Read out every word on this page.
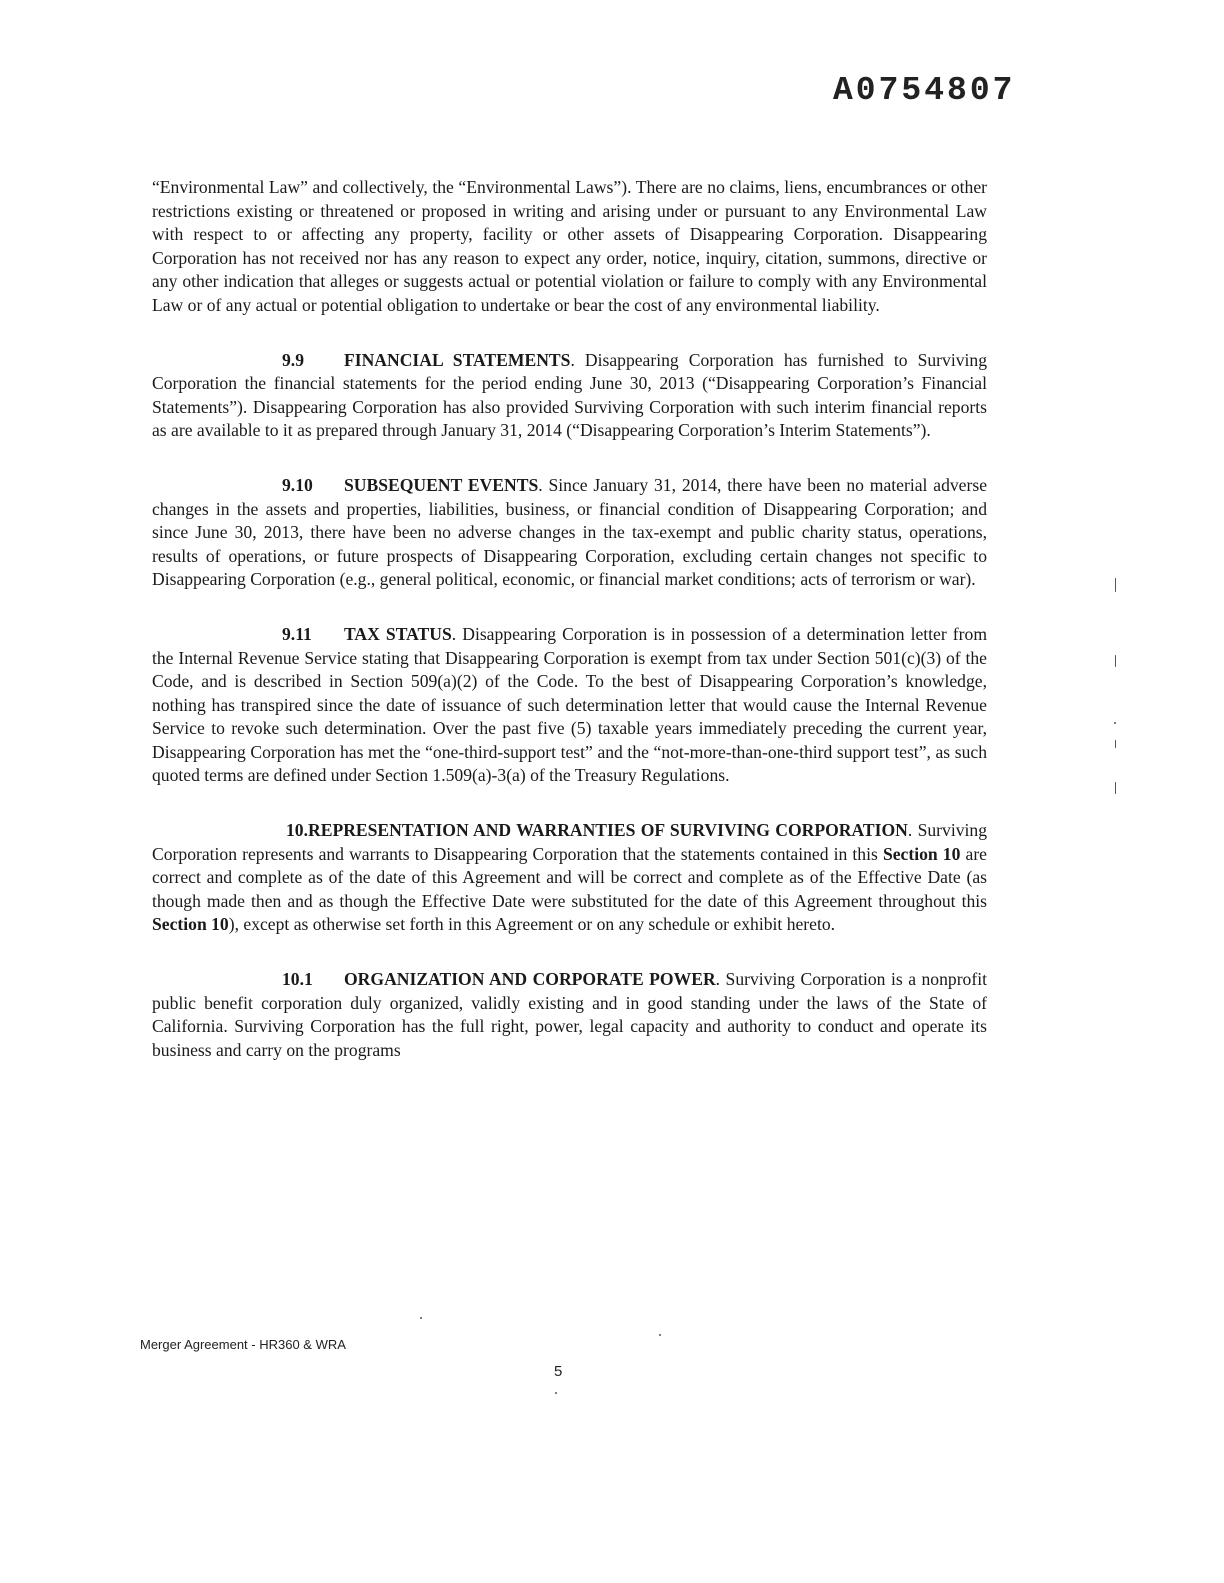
A0754807

“Environmental Law” and collectively, the “Environmental Laws”). There are no claims, liens, encumbrances or other restrictions existing or threatened or proposed in writing and arising under or pursuant to any Environmental Law with respect to or affecting any property, facility or other assets of Disappearing Corporation. Disappearing Corporation has not received nor has any reason to expect any order, notice, inquiry, citation, summons, directive or any other indication that alleges or suggests actual or potential violation or failure to comply with any Environmental Law or of any actual or potential obligation to undertake or bear the cost of any environmental liability.

9.9 FINANCIAL STATEMENTS. Disappearing Corporation has furnished to Surviving Corporation the financial statements for the period ending June 30, 2013 (“Disappearing Corporation’s Financial Statements”). Disappearing Corporation has also provided Surviving Corporation with such interim financial reports as are available to it as prepared through January 31, 2014 (“Disappearing Corporation’s Interim Statements”).

9.10 SUBSEQUENT EVENTS. Since January 31, 2014, there have been no material adverse changes in the assets and properties, liabilities, business, or financial condition of Disappearing Corporation; and since June 30, 2013, there have been no adverse changes in the tax-exempt and public charity status, operations, results of operations, or future prospects of Disappearing Corporation, excluding certain changes not specific to Disappearing Corporation (e.g., general political, economic, or financial market conditions; acts of terrorism or war).

9.11 TAX STATUS. Disappearing Corporation is in possession of a determination letter from the Internal Revenue Service stating that Disappearing Corporation is exempt from tax under Section 501(c)(3) of the Code, and is described in Section 509(a)(2) of the Code. To the best of Disappearing Corporation’s knowledge, nothing has transpired since the date of issuance of such determination letter that would cause the Internal Revenue Service to revoke such determination. Over the past five (5) taxable years immediately preceding the current year, Disappearing Corporation has met the “one-third-support test” and the “not-more-than-one-third support test”, as such quoted terms are defined under Section 1.509(a)-3(a) of the Treasury Regulations.

10.REPRESENTATION AND WARRANTIES OF SURVIVING CORPORATION. Surviving Corporation represents and warrants to Disappearing Corporation that the statements contained in this Section 10 are correct and complete as of the date of this Agreement and will be correct and complete as of the Effective Date (as though made then and as though the Effective Date were substituted for the date of this Agreement throughout this Section 10), except as otherwise set forth in this Agreement or on any schedule or exhibit hereto.

10.1 ORGANIZATION AND CORPORATE POWER. Surviving Corporation is a nonprofit public benefit corporation duly organized, validly existing and in good standing under the laws of the State of California. Surviving Corporation has the full right, power, legal capacity and authority to conduct and operate its business and carry on the programs

Merger Agreement - HR360 & WRA
5
